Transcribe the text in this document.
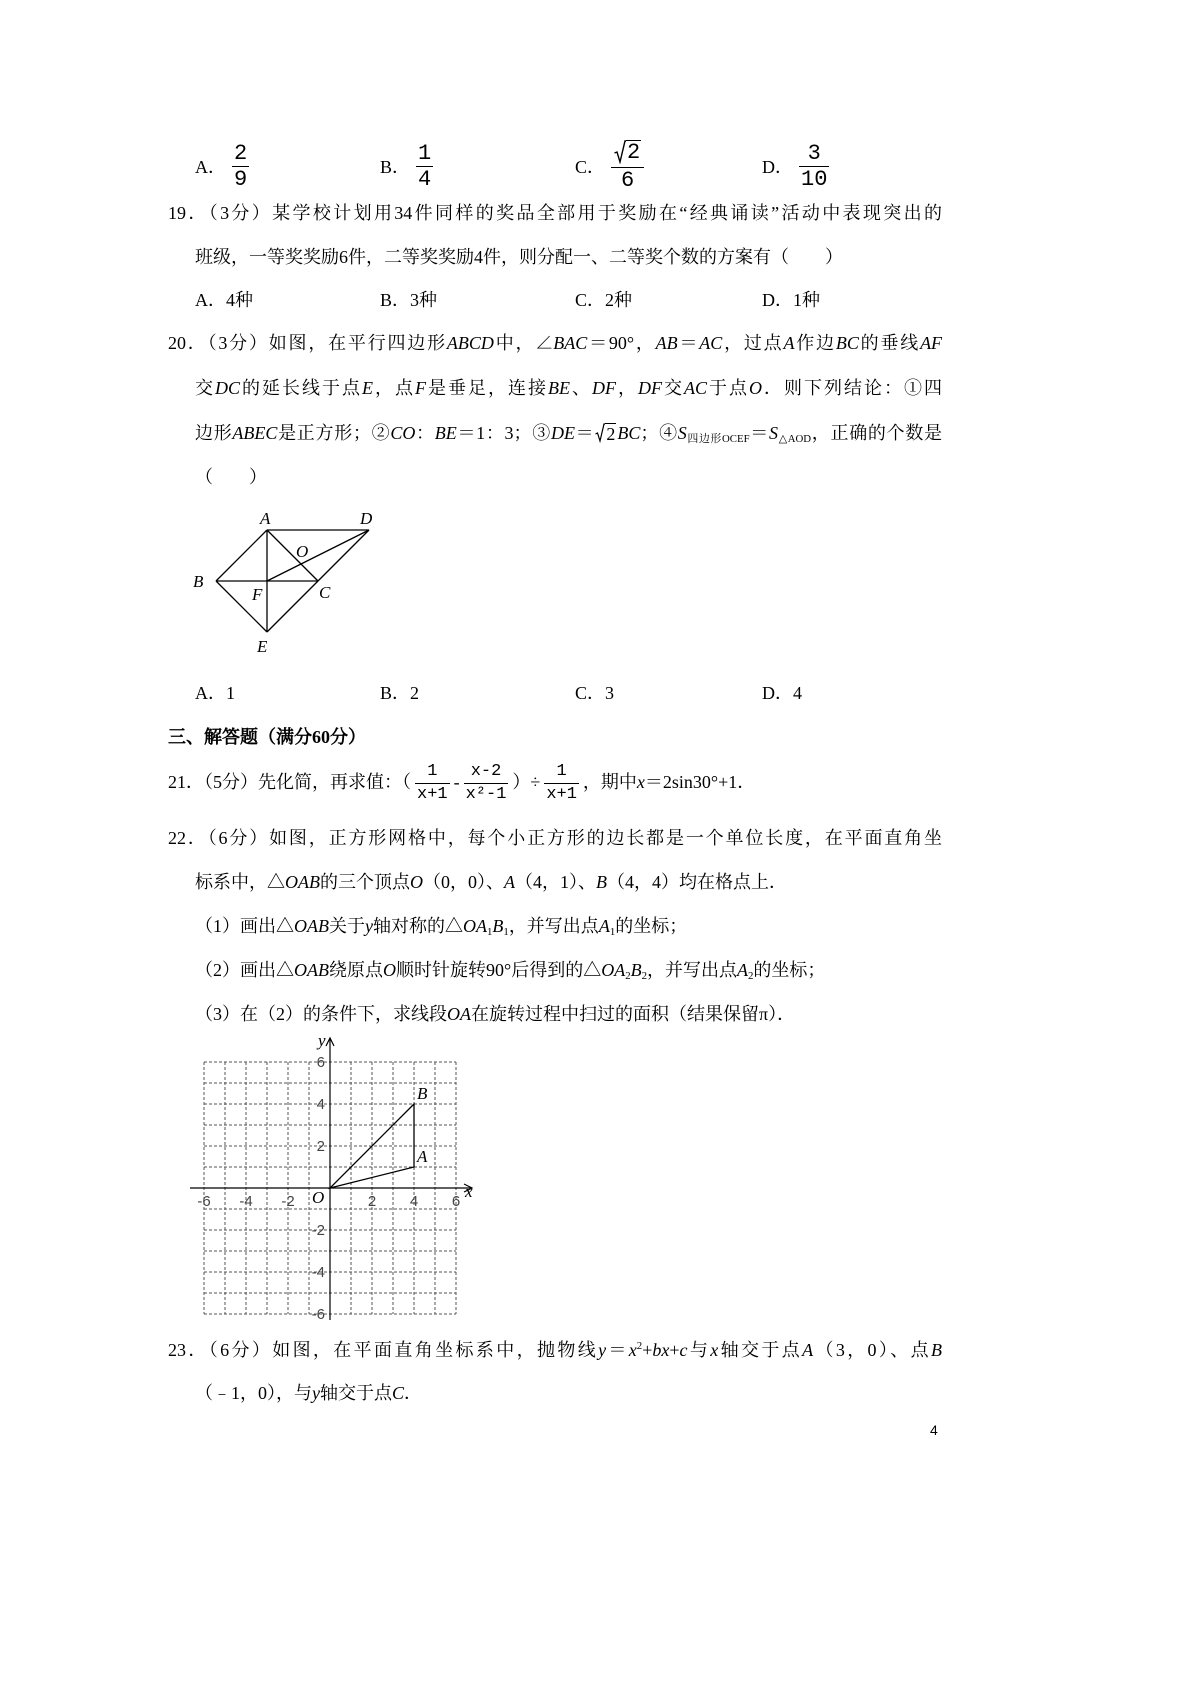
A． $\frac{2}{9}$	B． $\frac{1}{4}$	C． $\frac{2}{6}$	D． $\frac{3}{10}$
19．（3分）某学校计划用34件同样的奖品全部用于奖励在“经典诵读”活动中表现突出的
班级，一等奖奖励6件，二等奖奖励4件，则分配一、二等奖个数的方案有（　　）
A．4种	B．3种	C．2种	D．1种
20．（3分）如图，在平行四边形ABCD中，∠BAC＝90°，AB＝AC，过点A作边BC的垂线AF
交DC的延长线于点E，点F是垂足，连接BE、DF，DF交AC于点O．则下列结论：①四
边形ABEC是正方形；②CO：BE＝1：3；③DE＝ 2 BC；④S四边形OCEF＝S△AOD，正确的个数是
（　　）
A	D
O
B
F	C
E
A．1	B．2	C．3	D．4
三、解答题（满分60分）
21．（5分）先化简，再求值：（ $\frac{1}{x+1} - \frac{x-2}{\text{x²-1}}$ ）÷ $\frac{1}{x+1}$ ，期中x＝2sin30°+1．
22．（6分）如图，正方形网格中，每个小正方形的边长都是一个单位长度，在平面直角坐
标系中，△OAB的三个顶点O（0，0）、A（4，1）、B（4，4）均在格点上．
（1）画出△OAB关于y轴对称的△OA1B1，并写出点A1的坐标；
（2）画出△OAB绕原点O顺时针旋转90°后得到的△OA2B2，并写出点A2的坐标；
（3）在（2）的条件下，求线段OA在旋转过程中扫过的面积（结果保留π）．
x
y
-6 -4 -2	2 4 6
6
4
2
-2
-4
-6
O
A
B
23．（6分）如图，在平面直角坐标系中，抛物线$y=x^2+bx+c$与x轴交于点A（3，0）、点B
（﹣1，0），与y轴交于点C．
4
